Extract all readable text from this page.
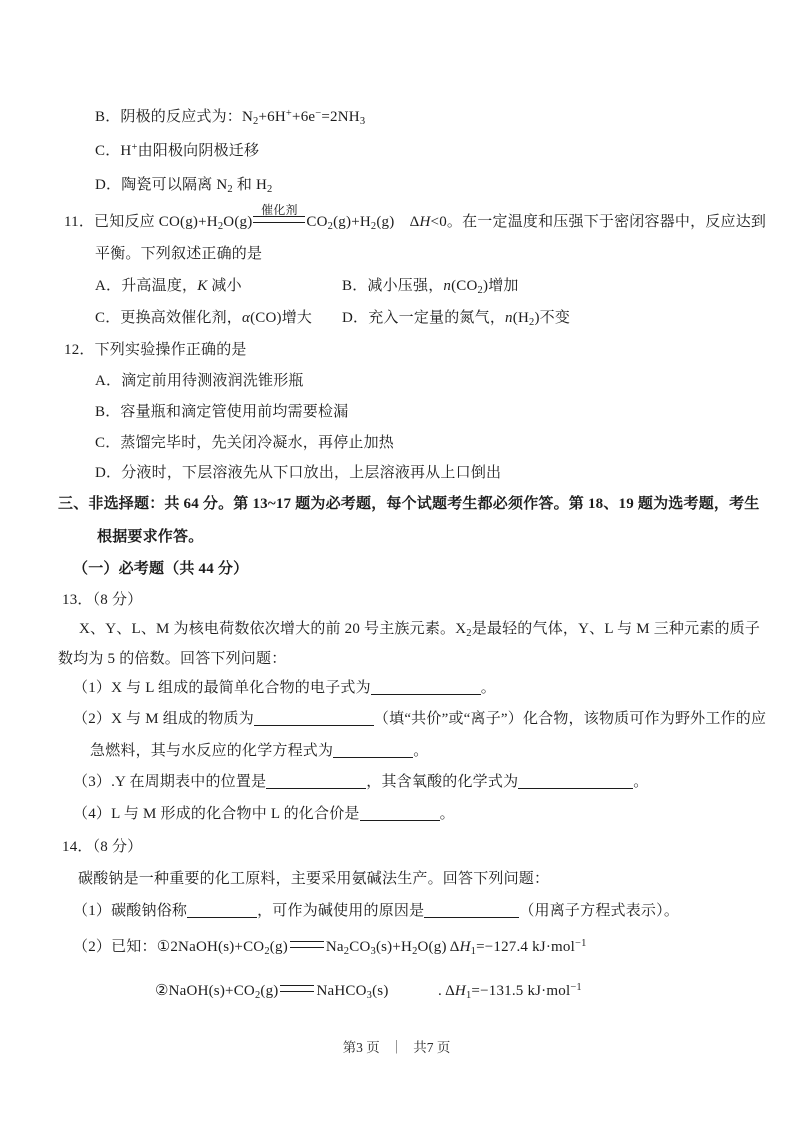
B．阴极的反应式为：$N_2+6H^++6e^-=2NH_3$
C．H+由阳极向阴极迁移
D．陶瓷可以隔离 $N_2$ 和 $H_2$
11．已知反应 $CO(g)+H_2O(g)$
催化剂
$CO_2(g)+H_2(g)$ ΔH<0。在一定温度和压强下于密闭容器中，反应达到
平衡。下列叙述正确的是
A．升高温度，K 减小	B．减小压强，$n(CO_2)$增加
C．更换高效催化剂，α(CO)增大 D．充入一定量的氮气，$n(H_2)$不变
12．下列实验操作正确的是
A．滴定前用待测液润洗锥形瓶
B．容量瓶和滴定管使用前均需要检漏
C．蒸馏完毕时，先关闭冷凝水，再停止加热
D．分液时，下层溶液先从下口放出，上层溶液再从上口倒出
三、非选择题：共 64 分。第 13~17 题为必考题，每个试题考生都必须作答。第 18、19 题为选考题，考生
根据要求作答。
（一）必考题（共 44 分）
13．（8 分）
X、Y、L、M 为核电荷数依次增大的前 20 号主族元素。$X_2$是最轻的气体，Y、L 与 M 三种元素的质子
数均为 5 的倍数。回答下列问题：
（1）X 与 L 组成的最简单化合物的电子式为	。
（2）X 与 M 组成的物质为	（填“共价”或“离子”）化合物，该物质可作为野外工作的应
急燃料，其与水反应的化学方程式为	。
（3）.Y 在周期表中的位置是	，其含氧酸的化学式为	。
（4）L 与 M 形成的化合物中 L 的化合价是	。
14．（8 分）
碳酸钠是一种重要的化工原料，主要采用氨碱法生产。回答下列问题：
（1）碳酸钠俗称	，可作为碱使用的原因是	（用离子方程式表示）。
（2）已知：$①2NaOH(s)+CO_2(g)$	$Na_2CO_3(s)+H_2O(g)$ $\Delta H_1=-127.4$ kJ·mol$^{-1}$
$②NaOH(s)+CO_2(g)$	NaHCO$_3$(s)	. $\Delta H_1=-131.5$ kJ·mol$^{-1}$
第3 页 ｜ 共7 页
